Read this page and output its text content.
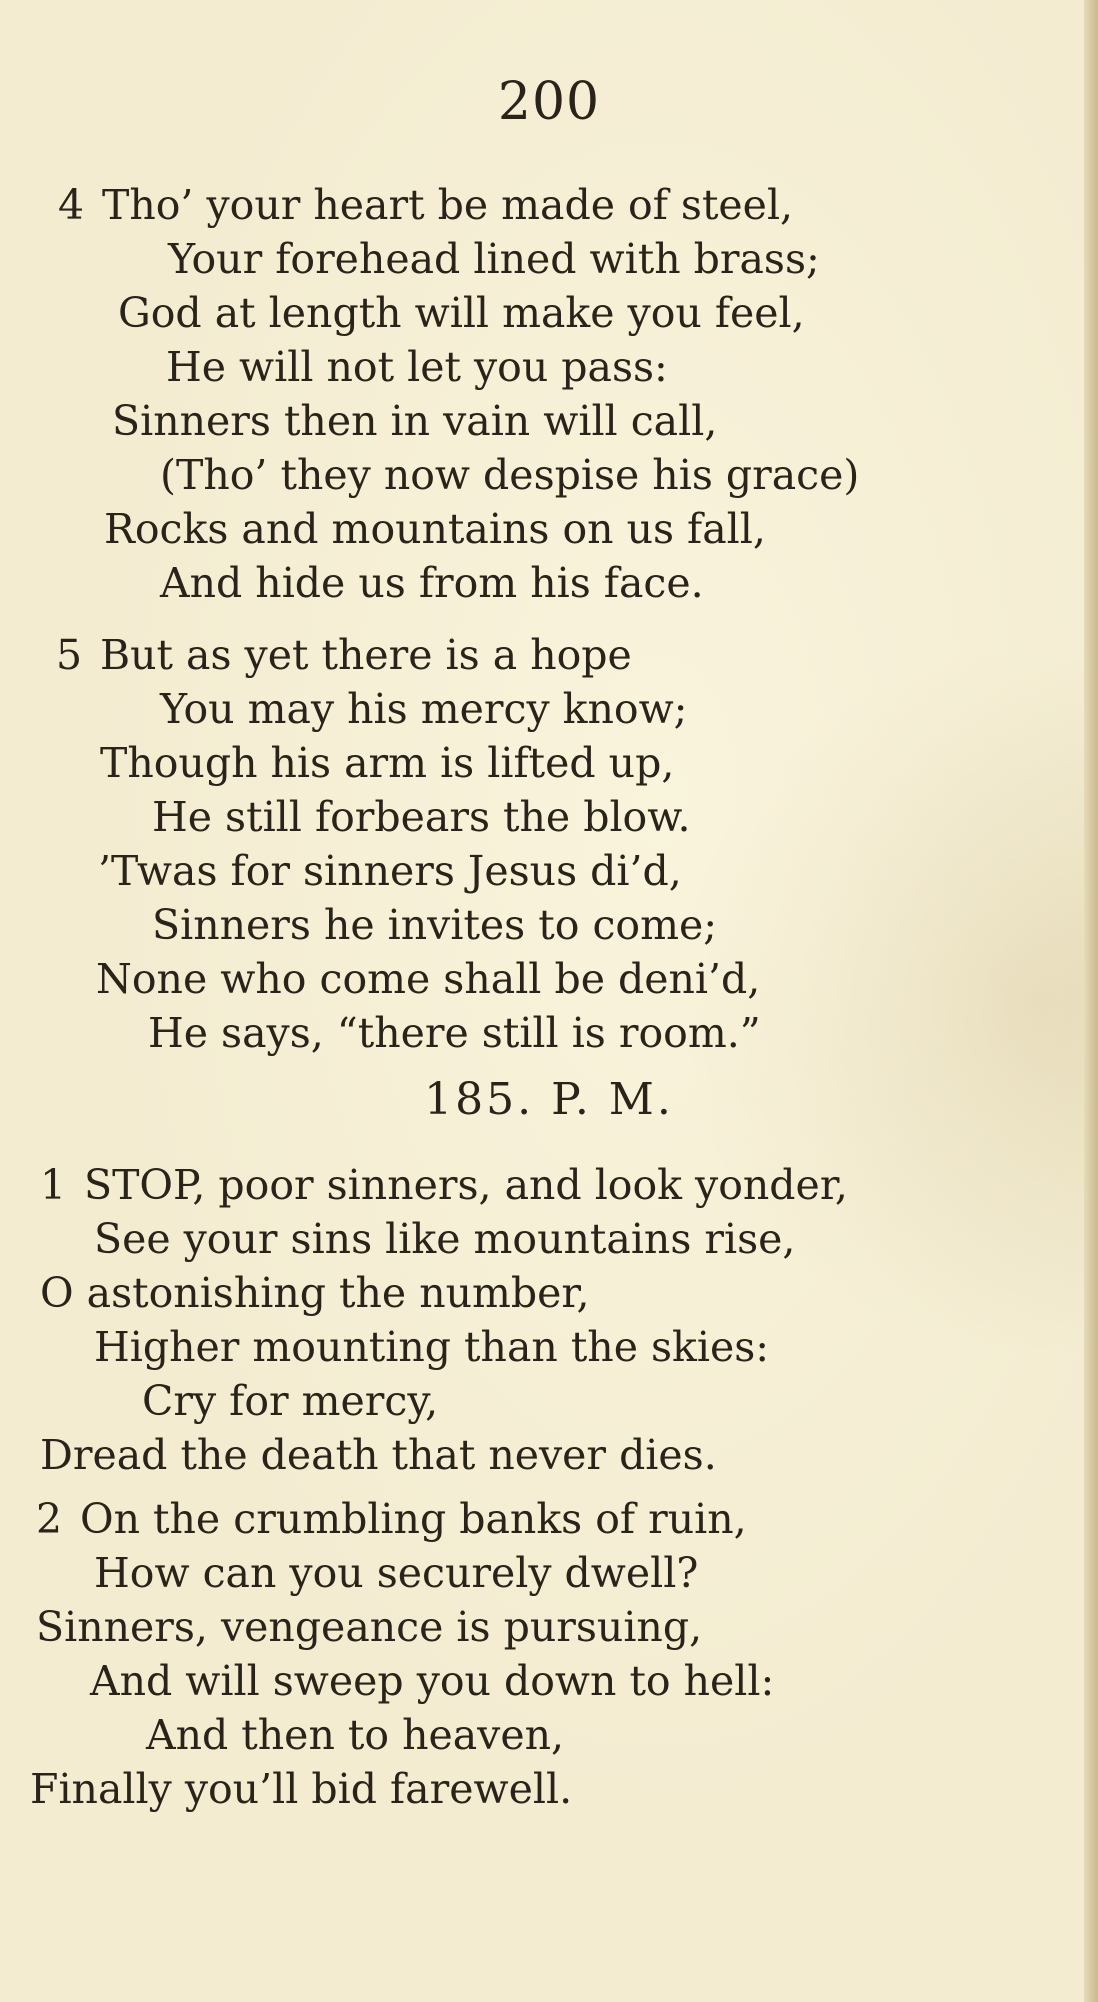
200
4 Tho’ your heart be made of steel,
Your forehead lined with brass;
God at length will make you feel,
He will not let you pass:
Sinners then in vain will call,
(Tho’ they now despise his grace)
Rocks and mountains on us fall,
And hide us from his face.
5 But as yet there is a hope
You may his mercy know;
Though his arm is lifted up,
He still forbears the blow.
’Twas for sinners Jesus di’d,
Sinners he invites to come;
None who come shall be deni’d,
He says, “there still is room.”
185. P. M.
1 STOP, poor sinners, and look yonder,
See your sins like mountains rise,
O astonishing the number,
Higher mounting than the skies:
Cry for mercy,
Dread the death that never dies.
2 On the crumbling banks of ruin,
How can you securely dwell?
Sinners, vengeance is pursuing,
And will sweep you down to hell:
And then to heaven,
Finally you’ll bid farewell.
